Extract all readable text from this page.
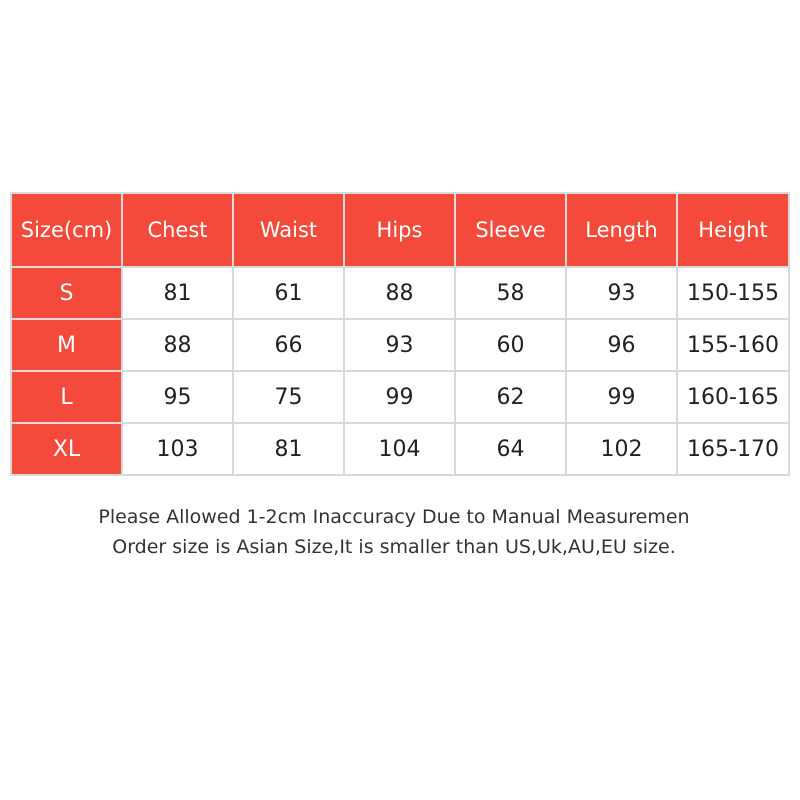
Size(cm)	Chest	Waist	Hips	Sleeve	Length	Height
S	81	61	88	58	93	150-155
M	88	66	93	60	96	155-160
L	95	75	99	62	99	160-165
XL	103	81	104	64	102	165-170
Please Allowed 1-2cm Inaccuracy Due to Manual Measuremen
Order size is Asian Size,It is smaller than US,Uk,AU,EU size.
